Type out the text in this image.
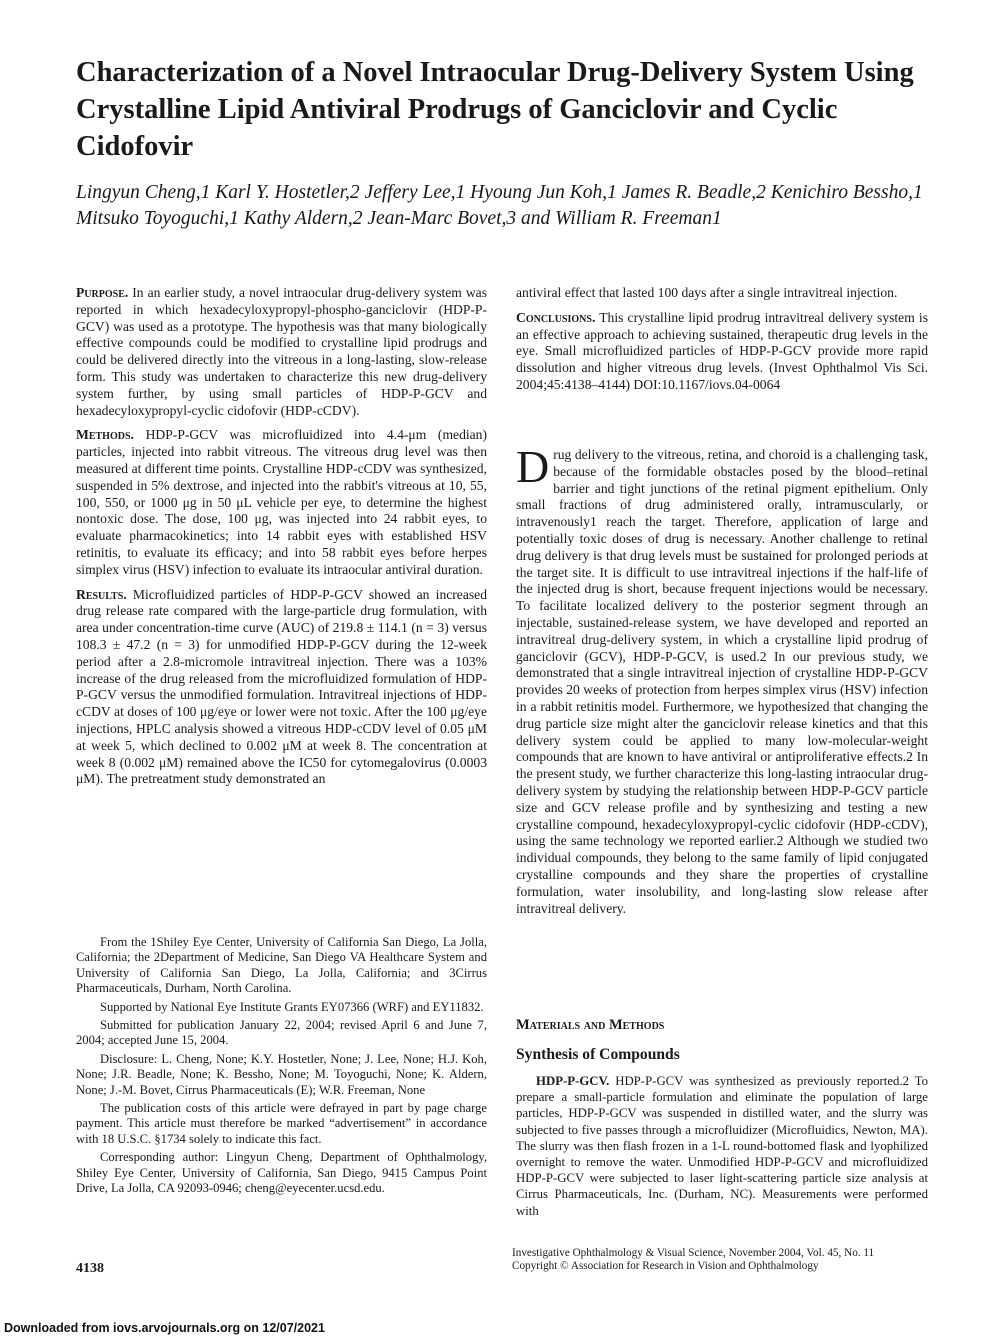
Characterization of a Novel Intraocular Drug-Delivery System Using Crystalline Lipid Antiviral Prodrugs of Ganciclovir and Cyclic Cidofovir

Lingyun Cheng,1 Karl Y. Hostetler,2 Jeffery Lee,1 Hyoung Jun Koh,1 James R. Beadle,2 Kenichiro Bessho,1 Mitsuko Toyoguchi,1 Kathy Aldern,2 Jean-Marc Bovet,3 and William R. Freeman1

Purpose. In an earlier study, a novel intraocular drug-delivery system was reported in which hexadecyloxypropyl-phospho-ganciclovir (HDP-P-GCV) was used as a prototype. The hypothesis was that many biologically effective compounds could be modified to crystalline lipid prodrugs and could be delivered directly into the vitreous in a long-lasting, slow-release form. This study was undertaken to characterize this new drug-delivery system further, by using small particles of HDP-P-GCV and hexadecyloxypropyl-cyclic cidofovir (HDP-cCDV).

Methods. HDP-P-GCV was microfluidized into 4.4-μm (median) particles, injected into rabbit vitreous. The vitreous drug level was then measured at different time points. Crystalline HDP-cCDV was synthesized, suspended in 5% dextrose, and injected into the rabbit's vitreous at 10, 55, 100, 550, or 1000 μg in 50 μL vehicle per eye, to determine the highest nontoxic dose. The dose, 100 μg, was injected into 24 rabbit eyes, to evaluate pharmacokinetics; into 14 rabbit eyes with established HSV retinitis, to evaluate its efficacy; and into 58 rabbit eyes before herpes simplex virus (HSV) infection to evaluate its intraocular antiviral duration.

Results. Microfluidized particles of HDP-P-GCV showed an increased drug release rate compared with the large-particle drug formulation, with area under concentration-time curve (AUC) of 219.8 ± 114.1 (n = 3) versus 108.3 ± 47.2 (n = 3) for unmodified HDP-P-GCV during the 12-week period after a 2.8-micromole intravitreal injection. There was a 103% increase of the drug released from the microfluidized formulation of HDP-P-GCV versus the unmodified formulation. Intravitreal injections of HDP-cCDV at doses of 100 μg/eye or lower were not toxic. After the 100 μg/eye injections, HPLC analysis showed a vitreous HDP-cCDV level of 0.05 μM at week 5, which declined to 0.002 μM at week 8. The concentration at week 8 (0.002 μM) remained above the IC50 for cytomegalovirus (0.0003 μM). The pretreatment study demonstrated an

antiviral effect that lasted 100 days after a single intravitreal injection.

Conclusions. This crystalline lipid prodrug intravitreal delivery system is an effective approach to achieving sustained, therapeutic drug levels in the eye. Small microfluidized particles of HDP-P-GCV provide more rapid dissolution and higher vitreous drug levels. (Invest Ophthalmol Vis Sci. 2004;45:4138–4144) DOI:10.1167/iovs.04-0064

Drug delivery to the vitreous, retina, and choroid is a challenging task, because of the formidable obstacles posed by the blood–retinal barrier and tight junctions of the retinal pigment epithelium. Only small fractions of drug administered orally, intramuscularly, or intravenously1 reach the target. Therefore, application of large and potentially toxic doses of drug is necessary. Another challenge to retinal drug delivery is that drug levels must be sustained for prolonged periods at the target site. It is difficult to use intravitreal injections if the half-life of the injected drug is short, because frequent injections would be necessary. To facilitate localized delivery to the posterior segment through an injectable, sustained-release system, we have developed and reported an intravitreal drug-delivery system, in which a crystalline lipid prodrug of ganciclovir (GCV), HDP-P-GCV, is used.2 In our previous study, we demonstrated that a single intravitreal injection of crystalline HDP-P-GCV provides 20 weeks of protection from herpes simplex virus (HSV) infection in a rabbit retinitis model. Furthermore, we hypothesized that changing the drug particle size might alter the ganciclovir release kinetics and that this delivery system could be applied to many low-molecular-weight compounds that are known to have antiviral or antiproliferative effects.2 In the present study, we further characterize this long-lasting intraocular drug-delivery system by studying the relationship between HDP-P-GCV particle size and GCV release profile and by synthesizing and testing a new crystalline compound, hexadecyloxypropyl-cyclic cidofovir (HDP-cCDV), using the same technology we reported earlier.2 Although we studied two individual compounds, they belong to the same family of lipid conjugated crystalline compounds and they share the properties of crystalline formulation, water insolubility, and long-lasting slow release after intravitreal delivery.

From the 1Shiley Eye Center, University of California San Diego, La Jolla, California; the 2Department of Medicine, San Diego VA Healthcare System and University of California San Diego, La Jolla, California; and 3Cirrus Pharmaceuticals, Durham, North Carolina.

Supported by National Eye Institute Grants EY07366 (WRF) and EY11832.

Submitted for publication January 22, 2004; revised April 6 and June 7, 2004; accepted June 15, 2004.

Disclosure: L. Cheng, None; K.Y. Hostetler, None; J. Lee, None; H.J. Koh, None; J.R. Beadle, None; K. Bessho, None; M. Toyoguchi, None; K. Aldern, None; J.-M. Bovet, Cirrus Pharmaceuticals (E); W.R. Freeman, None

The publication costs of this article were defrayed in part by page charge payment. This article must therefore be marked “advertisement” in accordance with 18 U.S.C. §1734 solely to indicate this fact.

Corresponding author: Lingyun Cheng, Department of Ophthalmology, Shiley Eye Center, University of California, San Diego, 9415 Campus Point Drive, La Jolla, CA 92093-0946; cheng@eyecenter.ucsd.edu.

Materials and Methods
Synthesis of Compounds

HDP-P-GCV. HDP-P-GCV was synthesized as previously reported.2 To prepare a small-particle formulation and eliminate the population of large particles, HDP-P-GCV was suspended in distilled water, and the slurry was subjected to five passes through a microfluidizer (Microfluidics, Newton, MA). The slurry was then flash frozen in a 1-L round-bottomed flask and lyophilized overnight to remove the water. Unmodified HDP-P-GCV and microfluidized HDP-P-GCV were subjected to laser light-scattering particle size analysis at Cirrus Pharmaceuticals, Inc. (Durham, NC). Measurements were performed with

Investigative Ophthalmology & Visual Science, November 2004, Vol. 45, No. 11
Copyright © Association for Research in Vision and Ophthalmology

4138

Downloaded from iovs.arvojournals.org on 12/07/2021
